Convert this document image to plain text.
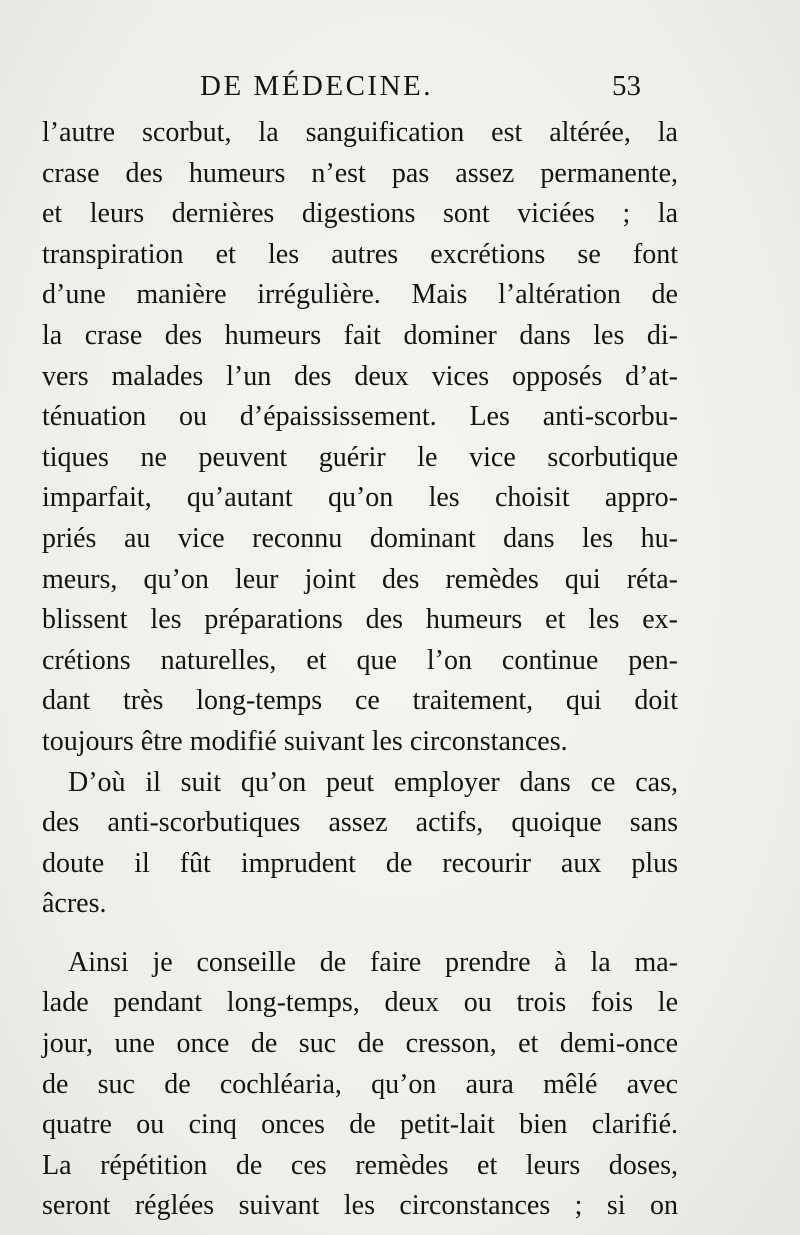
DE MÉDECINE.	53
l’autre scorbut, la sanguification est altérée, la
crase des humeurs n’est pas assez permanente,
et leurs dernières digestions sont viciées ; la
transpiration et les autres excrétions se font
d’une manière irrégulière. Mais l’altération de
la crase des humeurs fait dominer dans les di-
vers malades l’un des deux vices opposés d’at-
ténuation ou d’épaississement. Les anti-scorbu-
tiques ne peuvent guérir le vice scorbutique
imparfait, qu’autant qu’on les choisit appro-
priés au vice reconnu dominant dans les hu-
meurs, qu’on leur joint des remèdes qui réta-
blissent les préparations des humeurs et les ex-
crétions naturelles, et que l’on continue pen-
dant très long-temps ce traitement, qui doit
toujours être modifié suivant les circonstances.
D’où il suit qu’on peut employer dans ce cas,
des anti-scorbutiques assez actifs, quoique sans
doute il fût imprudent de recourir aux plus
âcres.
Ainsi je conseille de faire prendre à la ma-
lade pendant long-temps, deux ou trois fois le
jour, une once de suc de cresson, et demi-once
de suc de cochléaria, qu’on aura mêlé avec
quatre ou cinq onces de petit-lait bien clarifié.
La répétition de ces remèdes et leurs doses,
seront réglées suivant les circonstances ; si on
